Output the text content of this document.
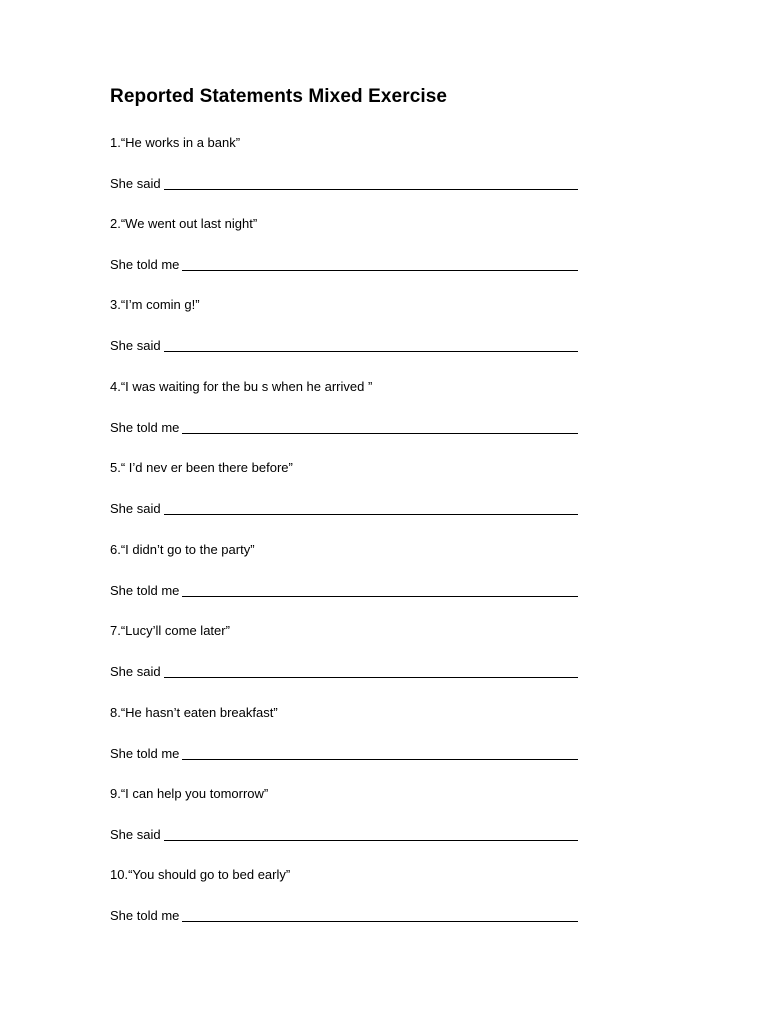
Reported Statements Mixed Exercise
1.“He works in a bank”
She said
2.“We went out last night”
She told me
3.“I’m comin g!”
She said
4.“I was waiting for the bu s when he arrived ”
She told me
5.“ I’d nev er been there before”
She said
6.“I didn’t go to the party”
She told me
7.“Lucy’ll come later”
She said
8.“He hasn’t eaten breakfast”
She told me
9.“I can help you tomorrow”
She said
10.“You should go to bed early”
She told me
